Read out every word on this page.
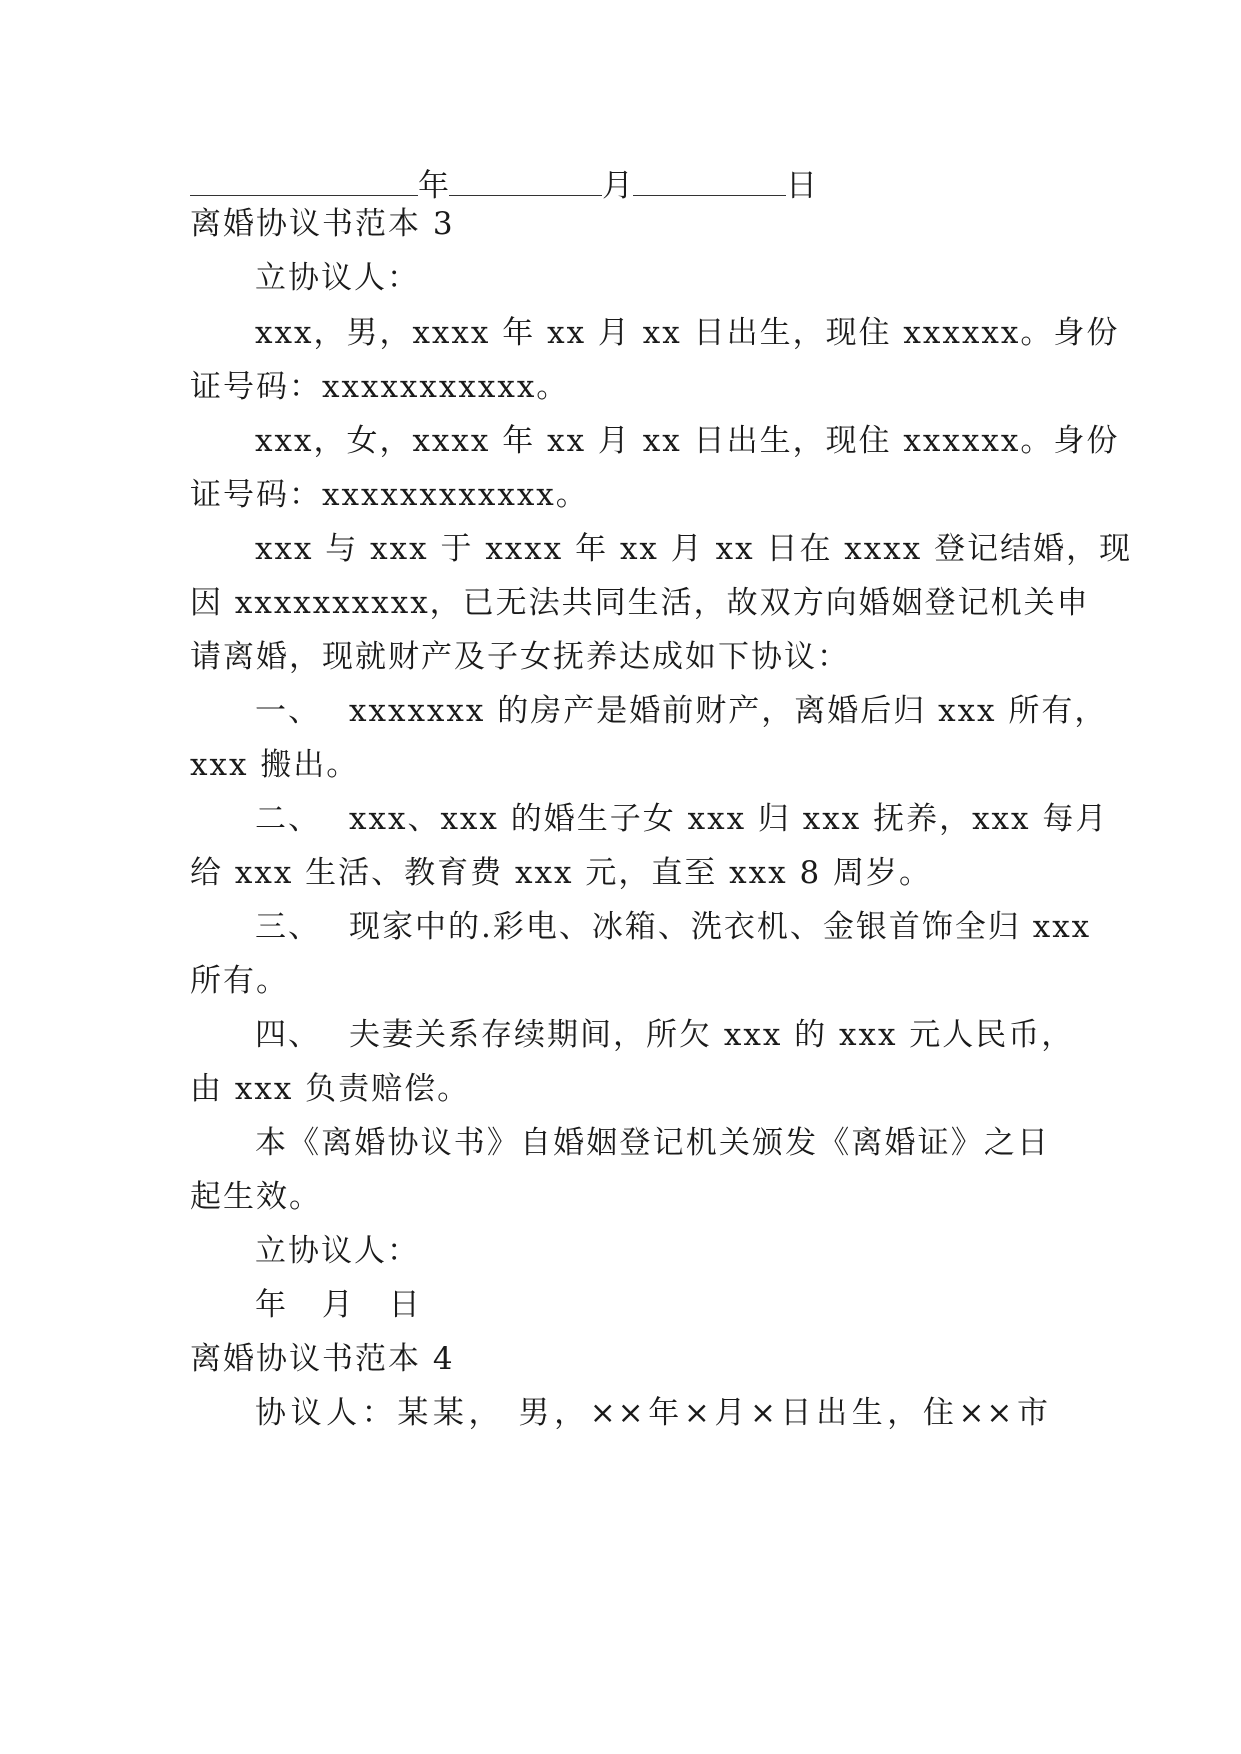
年	月	日
离婚协议书范本 3
立协议人：
xxx，男，xxxx 年 xx 月 xx 日出生，现住 xxxxxx。身份
证号码：xxxxxxxxxxx。
xxx，女，xxxx 年 xx 月 xx 日出生，现住 xxxxxx。身份
证号码：xxxxxxxxxxxx。
xxx 与 xxx 于 xxxx 年 xx 月 xx 日在 xxxx 登记结婚，现
因 xxxxxxxxxx，已无法共同生活，故双方向婚姻登记机关申
请离婚，现就财产及子女抚养达成如下协议：
一、 xxxxxxx 的房产是婚前财产，离婚后归 xxx 所有，
xxx 搬出。
二、 xxx、xxx 的婚生子女 xxx 归 xxx 抚养，xxx 每月
给 xxx 生活、教育费 xxx 元，直至 xxx 8 周岁。
三、 现家中的.彩电、冰箱、洗衣机、金银首饰全归 xxx
所有。
四、 夫妻关系存续期间，所欠 xxx 的 xxx 元人民币，
由 xxx 负责赔偿。
本《离婚协议书》自婚姻登记机关颁发《离婚证》之日
起生效。
立协议人：
年 月 日
离婚协议书范本 4
协议人：某某， 男，××年×月×日出生，住××市
